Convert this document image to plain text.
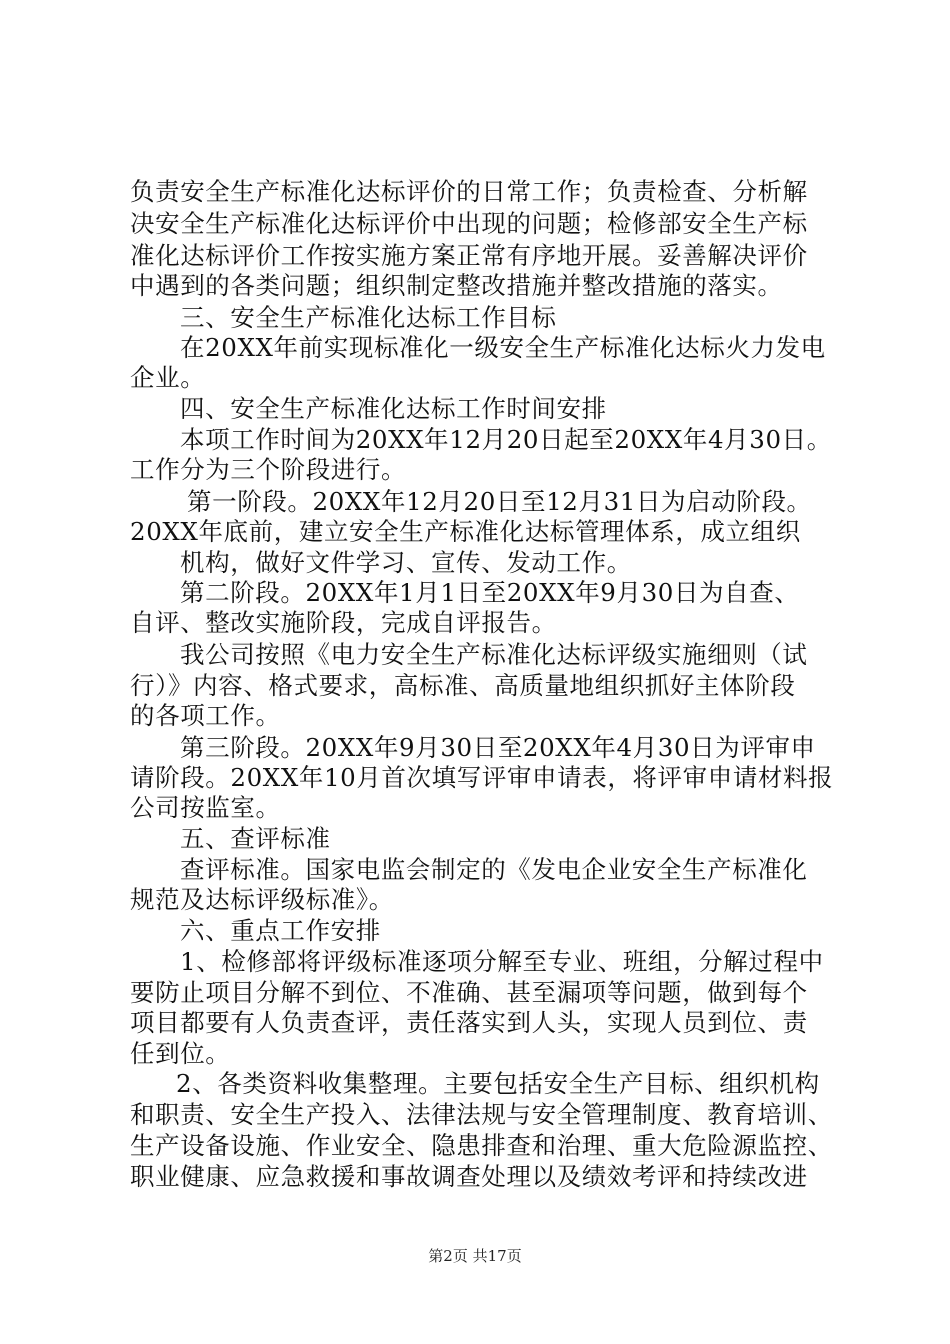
负责安全生产标准化达标评价的日常工作；负责检查、分析解

决安全生产标准化达标评价中出现的问题；检修部安全生产标

准化达标评价工作按实施方案正常有序地开展。妥善解决评价

中遇到的各类问题；组织制定整改措施并整改措施的落实。

三、安全生产标准化达标工作目标

在20XX年前实现标准化一级安全生产标准化达标火力发电

企业。

四、安全生产标准化达标工作时间安排

本项工作时间为20XX年12月20日起至20XX年4月30日。

工作分为三个阶段进行。

第一阶段。20XX年12月20日至12月31日为启动阶段。

20XX年底前，建立安全生产标准化达标管理体系，成立组织

机构，做好文件学习、宣传、发动工作。

第二阶段。20XX年1月1日至20XX年9月30日为自查、

自评、整改实施阶段，完成自评报告。

我公司按照《电力安全生产标准化达标评级实施细则（试

行）》内容、格式要求，高标准、高质量地组织抓好主体阶段

的各项工作。

第三阶段。20XX年9月30日至20XX年4月30日为评审申

请阶段。20XX年10月首次填写评审申请表，将评审申请材料报

公司按监室。

五、查评标准

查评标准。国家电监会制定的《发电企业安全生产标准化

规范及达标评级标准》。

六、重点工作安排

1、检修部将评级标准逐项分解至专业、班组，分解过程中

要防止项目分解不到位、不准确、甚至漏项等问题，做到每个

项目都要有人负责查评，责任落实到人头，实现人员到位、责

任到位。

2、各类资料收集整理。主要包括安全生产目标、组织机构

和职责、安全生产投入、法律法规与安全管理制度、教育培训、

生产设备设施、作业安全、隐患排查和治理、重大危险源监控、

职业健康、应急救援和事故调查处理以及绩效考评和持续改进

第2页 共17页
